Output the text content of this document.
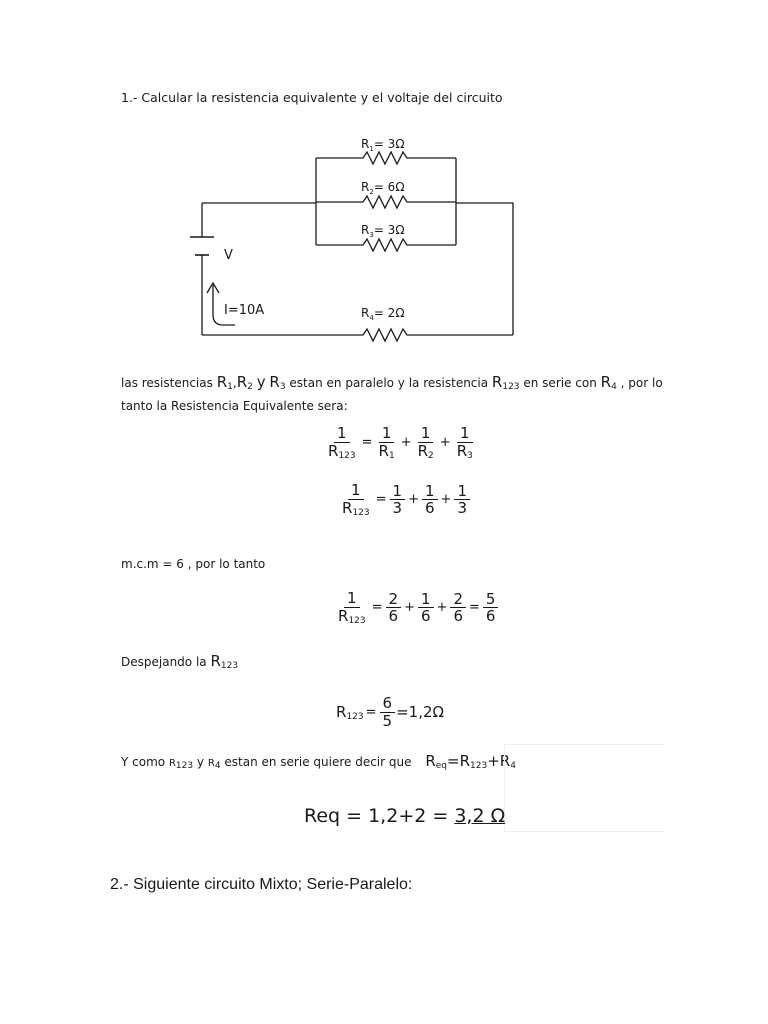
1.- Calcular la resistencia equivalente y el voltaje del circuito
$R_1= 3\Omega$
$R_2= 6\Omega$
$R_3= 3\Omega$
$R_4= 2\Omega$
V
I=10A
las resistencias $R_1,R_2$ y $R_3$ estan en paralelo y la resistencia $R_{123}$ en serie con $R_4$ , por lo tanto la Resistencia Equivalente sera:
$\frac{1}{R_{123}} = \frac{1}{R_1} + \frac{1}{R_2} + \frac{1}{R_3}$
$\frac{1}{R_{123}} = \frac{1}{3} + \frac{1}{6} + \frac{1}{3}$
m.c.m = 6 , por lo tanto
$\frac{1}{R_{123}} = \frac{2}{6} + \frac{1}{6} + \frac{2}{6} = \frac{5}{6}$
Despejando la $R_{123}$
$R_{123} = \frac{6}{5} =1,2\Omega$
Y como R123 y R4 estan en serie quiere decir que $R_{eq}=R_{123}+R_4$
Req = 1,2+2 = 3,2 Ω
2.- Siguiente circuito Mixto; Serie-Paralelo:
